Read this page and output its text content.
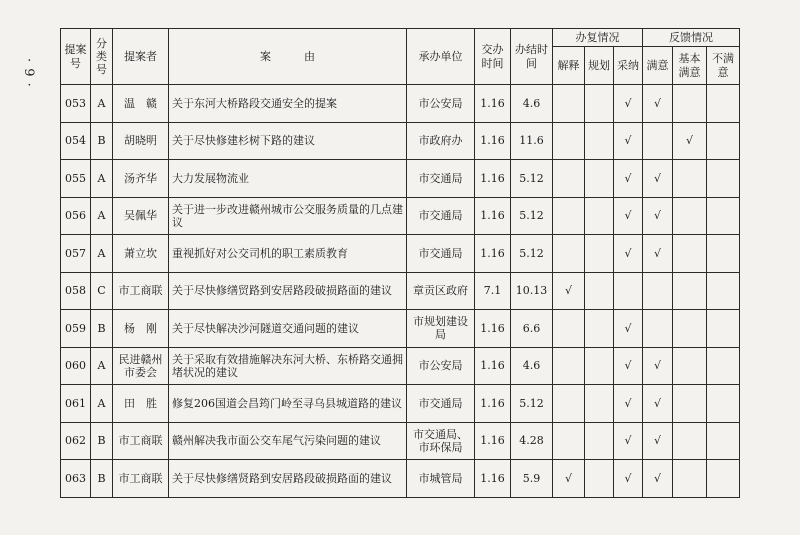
· 9 ·
提案号	分类号	提案者	案　　　由	承办单位	交办时间	办结时间	办复情况			反馈情况		
							解释	规划	采纳	满意	基本满意	不满意
053	A	温　赣	关于东河大桥路段交通安全的提案	市公安局	1.16	4.6			√	√		
054	B	胡晓明	关于尽快修建杉树下路的建议	市政府办	1.16	11.6			√		√	
055	A	汤齐华	大力发展物流业	市交通局	1.16	5.12			√	√		
056	A	吴佩华	关于进一步改进赣州城市公交服务质量的几点建议	市交通局	1.16	5.12			√	√		
057	A	萧立坎	重视抓好对公交司机的职工素质教育	市交通局	1.16	5.12			√	√		
058	C	市工商联	关于尽快修缮贸路到安居路段破损路面的建议	章贡区政府	7.1	10.13	√					
059	B	杨　刚	关于尽快解决沙河隧道交通问题的建议	市规划建设局	1.16	6.6			√			
060	A	民进赣州市委会	关于采取有效措施解决东河大桥、东桥路交通拥堵状况的建议	市公安局	1.16	4.6			√	√		
061	A	田　胜	修复206国道会昌筠门岭至寻乌县城道路的建议	市交通局	1.16	5.12			√	√		
062	B	市工商联	赣州解决我市面公交车尾气污染问题的建议	市交通局、市环保局	1.16	4.28			√	√		
063	B	市工商联	关于尽快修缮贤路到安居路段破损路面的建议	市城管局	1.16	5.9	√		√	√		
